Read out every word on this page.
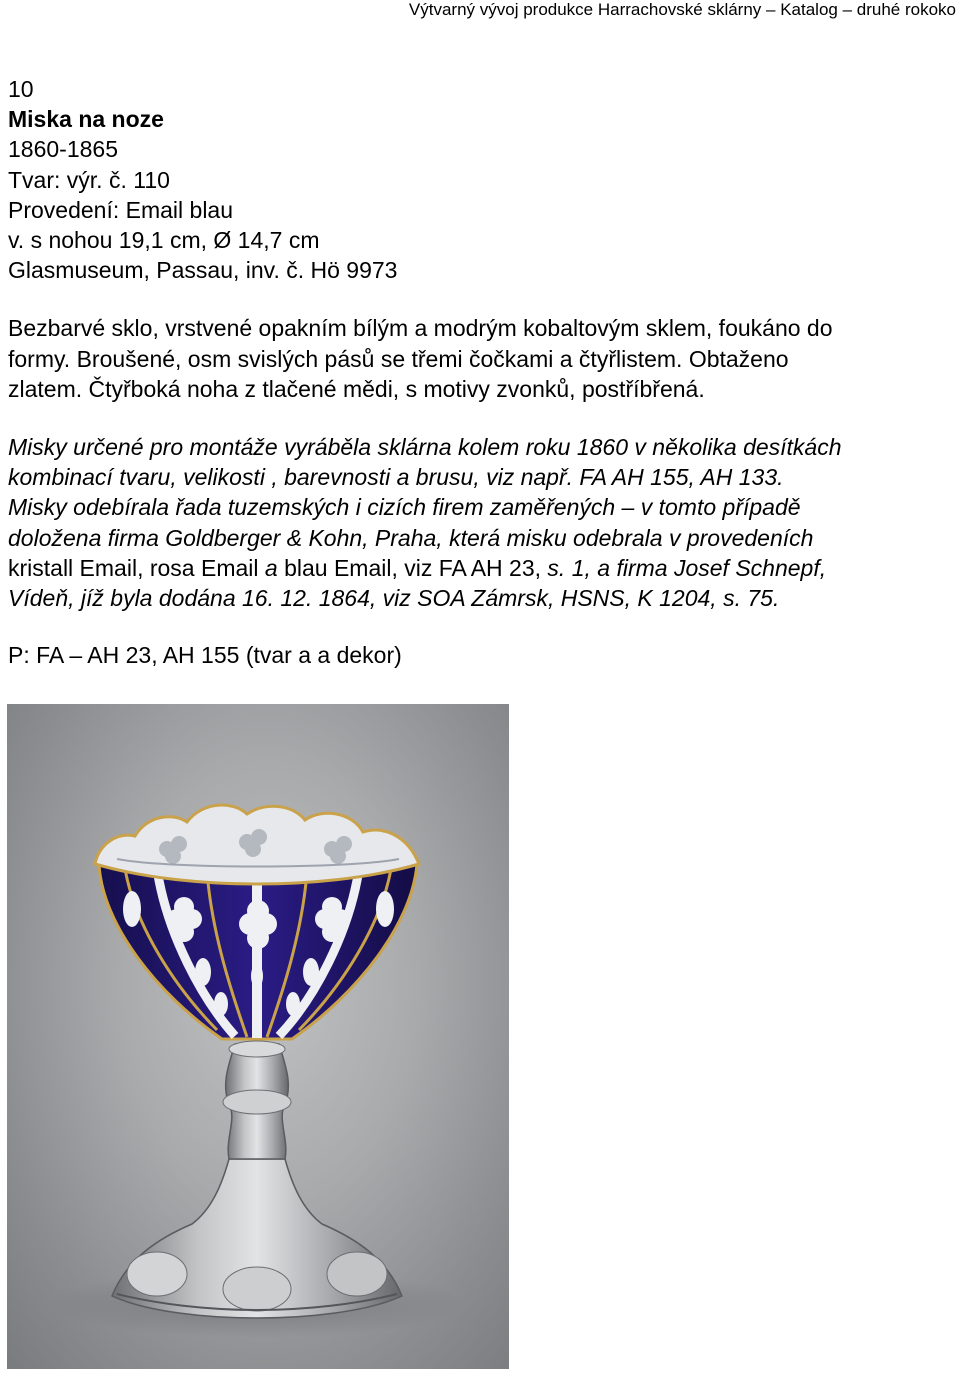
Výtvarný vývoj produkce Harrachovské sklárny – Katalog – druhé rokoko
10
Miska na noze
1860-1865
Tvar: výr. č. 110
Provedení: Email blau
v. s nohou 19,1 cm, Ø 14,7 cm
Glasmuseum, Passau, inv. č. Hö 9973
Bezbarvé sklo, vrstvené opakním bílým a modrým kobaltovým sklem, foukáno do
formy. Broušené, osm svislých pásů se třemi čočkami a čtyřlistem. Obtaženo
zlatem. Čtyřboká noha z tlačené mědi, s motivy zvonků, postříbřená.
Misky určené pro montáže vyráběla sklárna kolem roku 1860 v několika desítkách
kombinací tvaru, velikosti , barevnosti a brusu, viz např. FA AH 155, AH 133.
Misky odebírala řada tuzemských i cizích firem zaměřených – v tomto případě
doložena firma Goldberger & Kohn, Praha, která misku odebrala v provedeních
kristall Email, rosa Email a blau Email, viz FA AH 23, s. 1, a firma Josef Schnepf,
Vídeň, jíž byla dodána 16. 12. 1864, viz SOA Zámrsk, HSNS, K 1204, s. 75.
P: FA – AH 23, AH 155 (tvar a a dekor)
